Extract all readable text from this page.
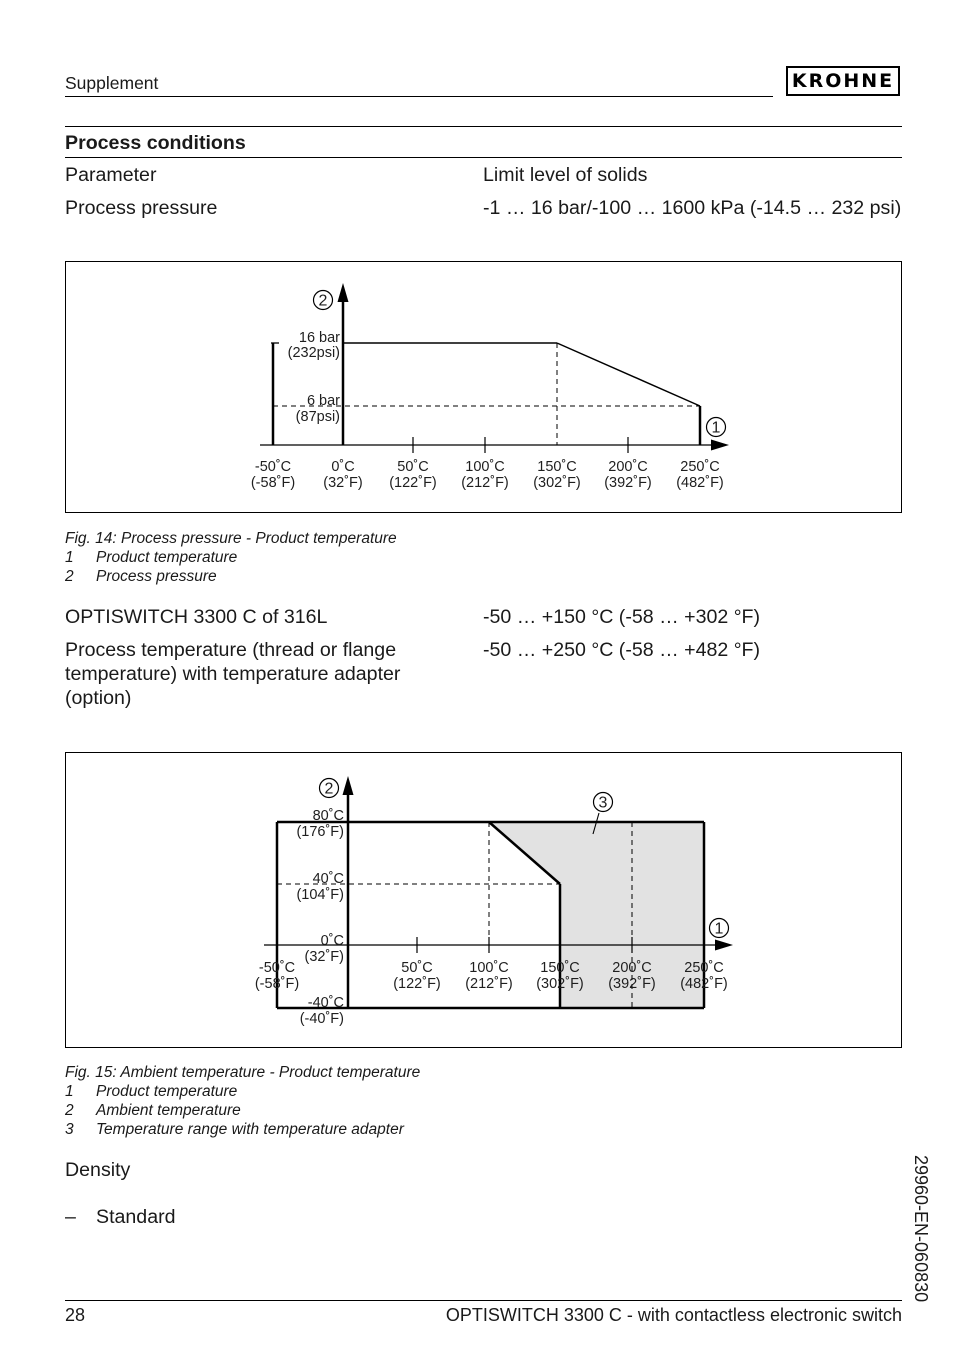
Supplement	KROHNE
Process conditions
Parameter	Limit level of solids
Process pressure	-1 … 16 bar/-100 … 1600 kPa (-14.5 … 232 psi)
16 bar
(232psi)
6 bar
(87psi)
-50˚C
(-58˚F)
0˚C
(32˚F)
50˚C
(122˚F)
100˚C
(212˚F)
150˚C
(302˚F)
200˚C
(392˚F)
250˚C
(482˚F)
2
1
Fig. 14: Process pressure - Product temperature
1 Product temperature
2 Process pressure
OPTISWITCH 3300 C of 316L	-50 … +150 °C (-58 … +302 °F)
Process temperature (thread or flange temperature) with temperature adapter (option)
-50 … +250 °C (-58 … +482 °F)
80˚C
(176˚F)
40˚C
(104˚F)
0˚C
(32˚F)
-40˚C
(-40˚F)
-50˚C
(-58˚F)
50˚C
(122˚F)
100˚C
(212˚F)
150˚C
(302˚F)
200˚C
(392˚F)
250˚C
(482˚F)
2
1
3
Fig. 15: Ambient temperature - Product temperature
1 Product temperature
2 Ambient temperature
3 Temperature range with temperature adapter
Density
– Standard	29960-EN-060830
28	OPTISWITCH 3300 C - with contactless electronic switch
